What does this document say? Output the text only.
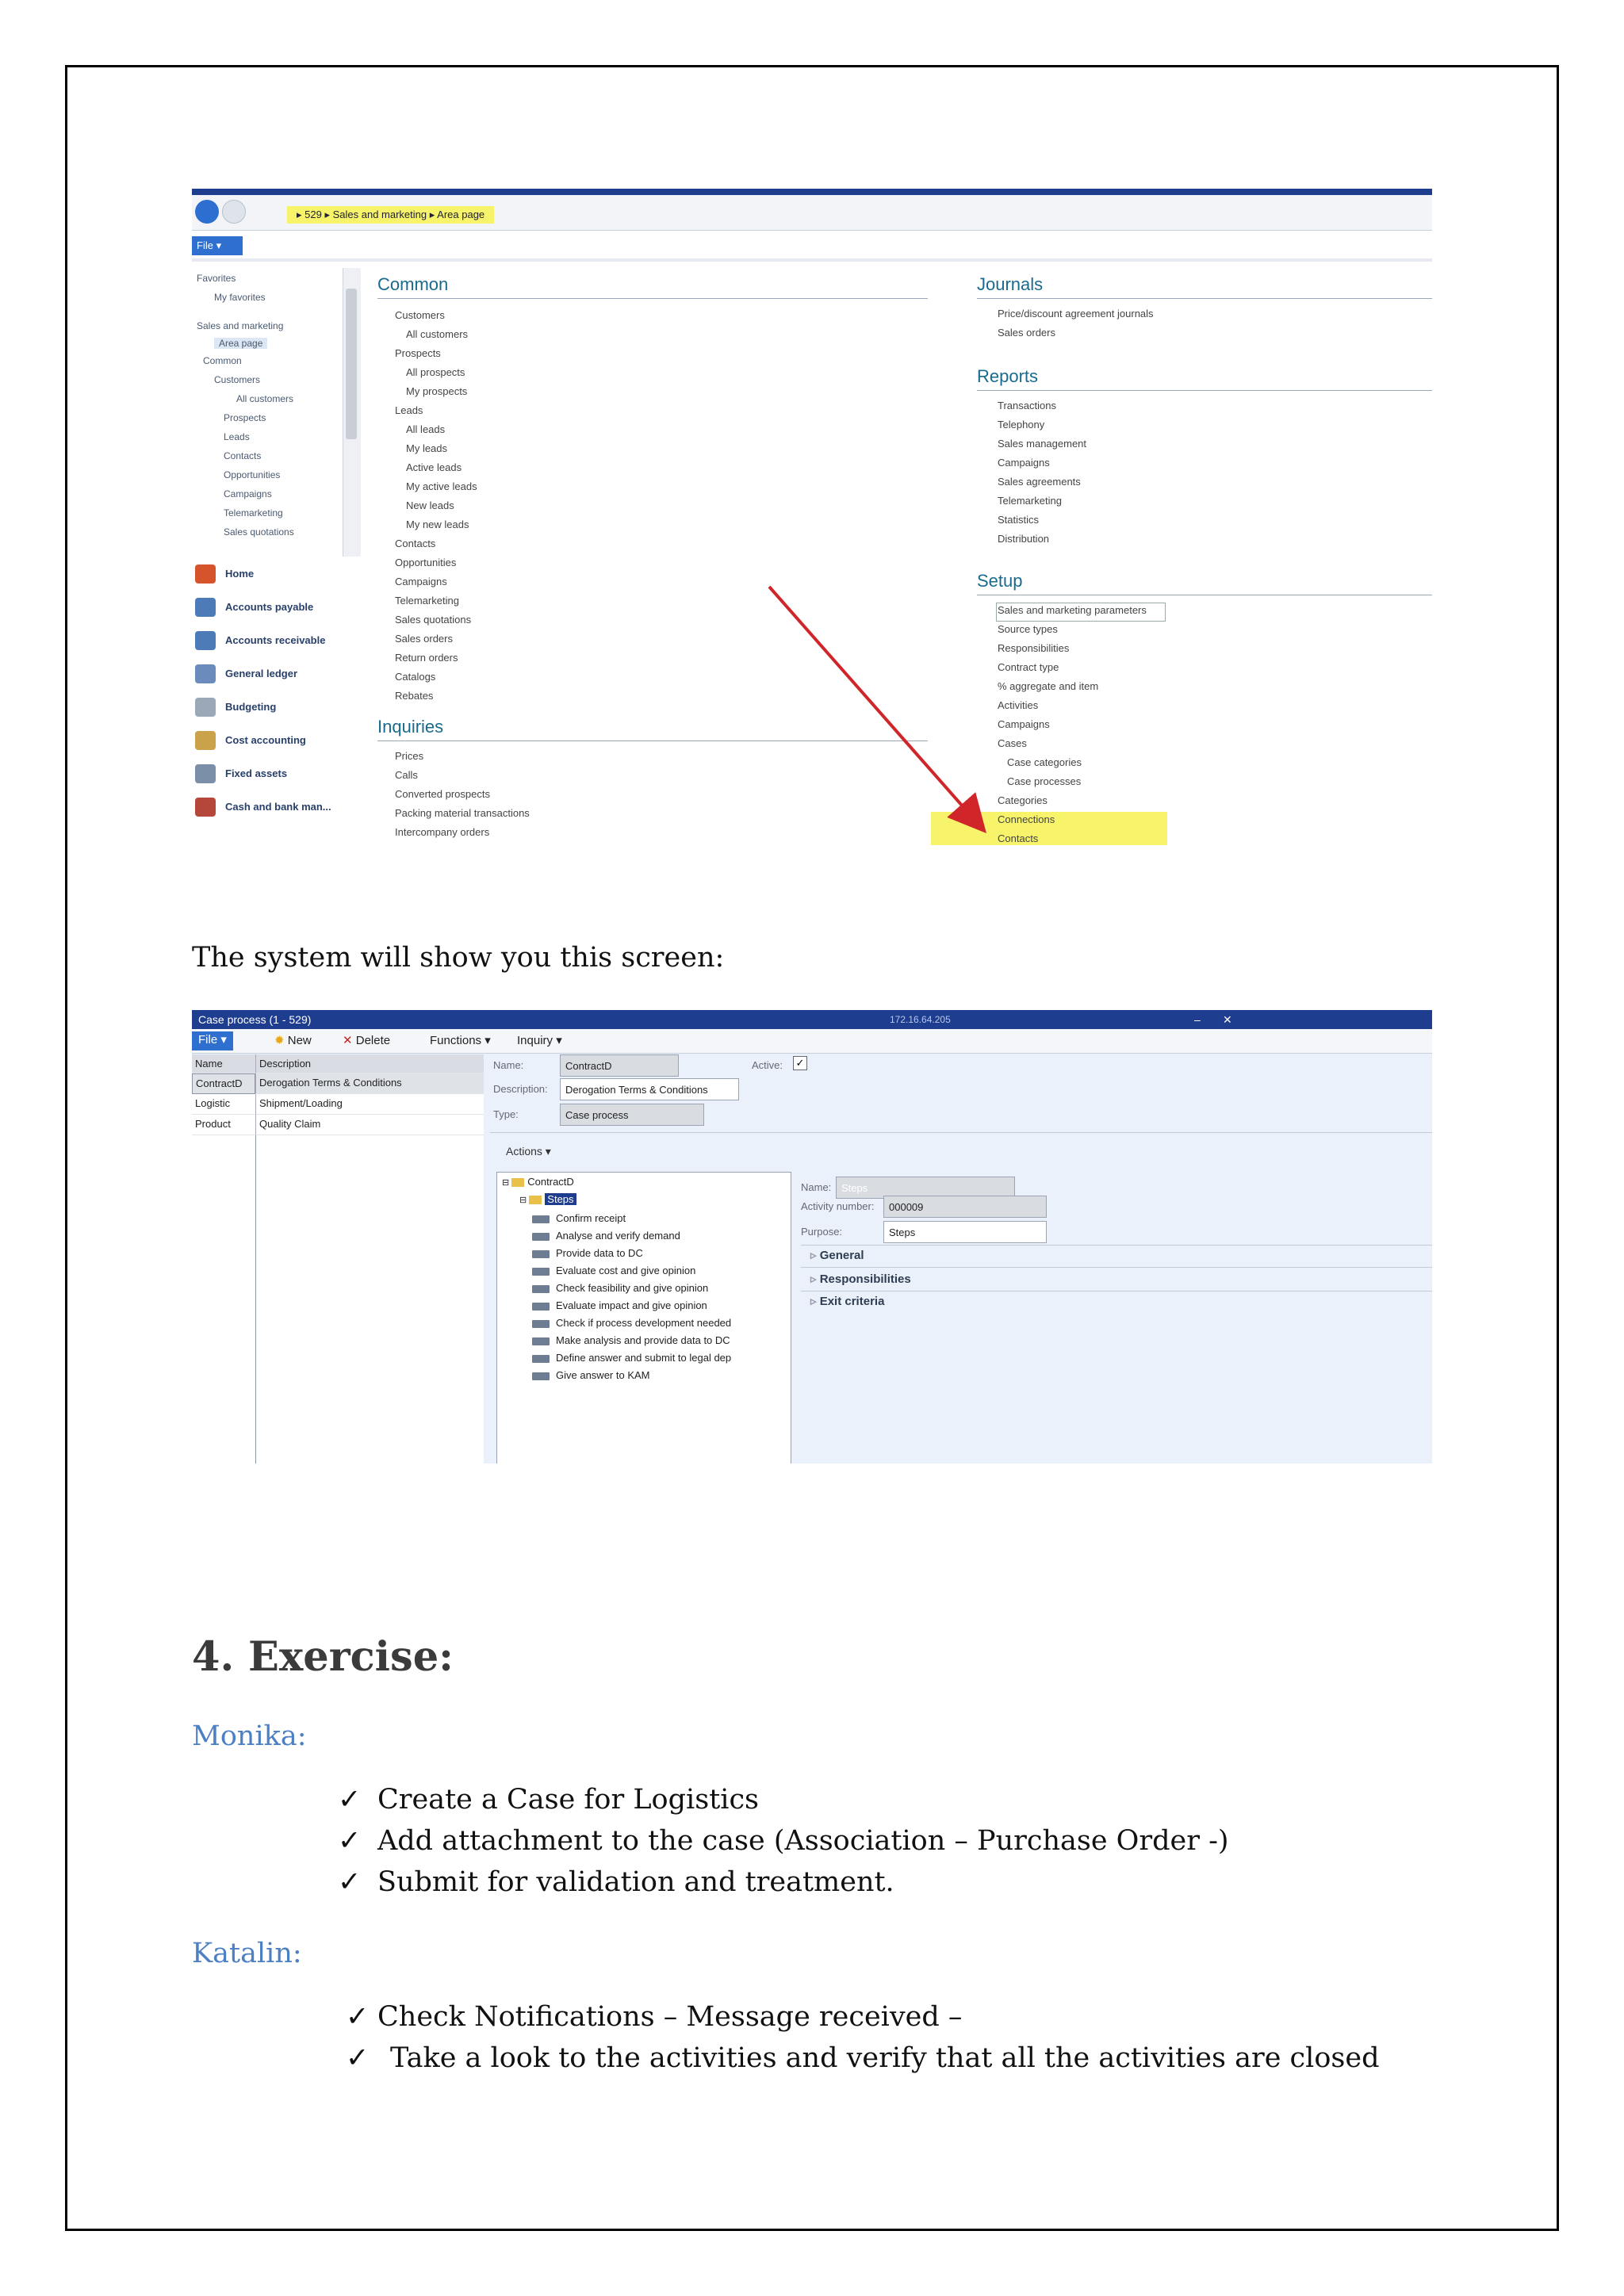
▸ 529 ▸ Sales and marketing ▸ Area page
File ▾
Favorites
My favorites
Sales and marketing
Area page
Common
Customers
All customers
Prospects
Leads
Contacts
Opportunities
Campaigns
Telemarketing
Sales quotations
Home
Accounts payable
Accounts receivable
General ledger
Budgeting
Cost accounting
Fixed assets
Cash and bank man...
Common
Customers
All customers
Prospects
All prospects
My prospects
Leads
All leads
My leads
Active leads
My active leads
New leads
My new leads
Contacts
Opportunities
Campaigns
Telemarketing
Sales quotations
Sales orders
Return orders
Catalogs
Rebates
Inquiries
Prices
Calls
Converted prospects
Packing material transactions
Intercompany orders
Journals
Price/discount agreement journals
Sales orders
Reports
Transactions
Telephony
Sales management
Campaigns
Sales agreements
Telemarketing
Statistics
Distribution
Setup
Sales and marketing parameters
Source types
Responsibilities
Contract type
% aggregate and item
Activities
Campaigns
Cases
Case categories
Case processes
Categories
Connections
Contacts
The system will show you this screen:
Case process (1 - 529)	172.16.64.205	– ✕
File ▾	✹ New	✕ Delete	Functions ▾ Inquiry ▾
Name	Description
ContractD	Derogation Terms & Conditions
Logistic	Shipment/Loading
Product	Quality Claim
Name:	ContractD	Active: ✓
Description:	Derogation Terms & Conditions
Type:	Case process
Actions ▾
⊟ ContractD
⊟ Steps
Confirm receipt
Analyse and verify demand
Provide data to DC
Evaluate cost and give opinion
Check feasibility and give opinion
Evaluate impact and give opinion
Check if process development needed
Make analysis and provide data to DC
Define answer and submit to legal dep
Give answer to KAM
Name: Steps
Activity number:	000009
Purpose:	Steps
▹ General
▹ Responsibilities
▹ Exit criteria
4. Exercise:
Monika:
✓ Create a Case for Logistics
✓ Add attachment to the case (Association – Purchase Order -)
✓ Submit for validation and treatment.
Katalin:
✓ Check Notifications – Message received –
✓ Take a look to the activities and verify that all the activities are closed
